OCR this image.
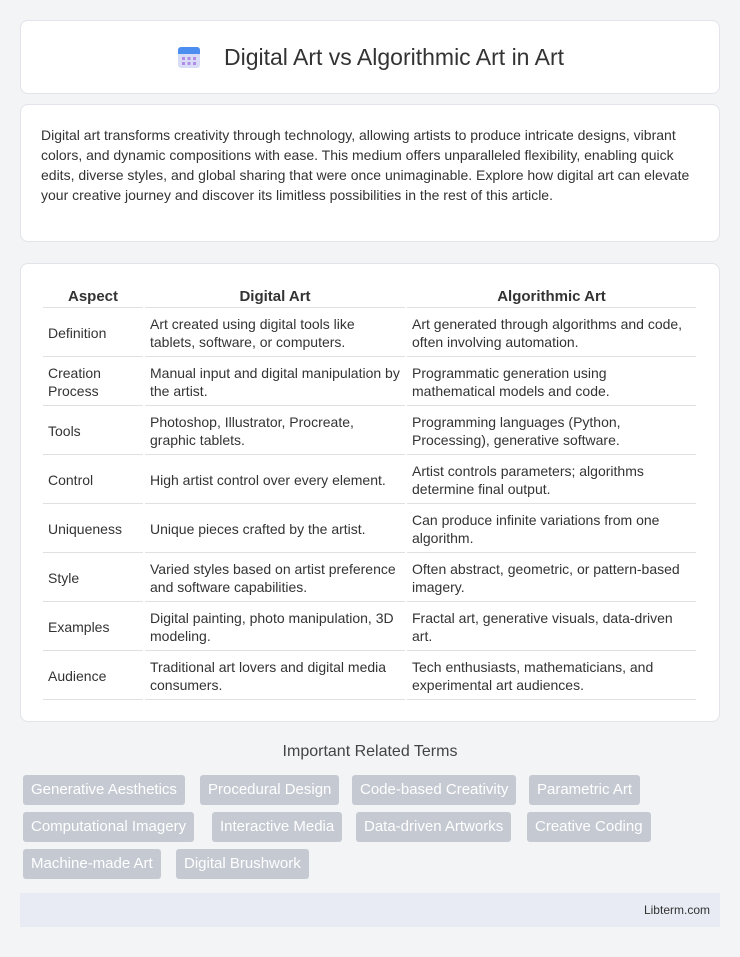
Digital Art vs Algorithmic Art in Art

Digital art transforms creativity through technology, allowing artists to produce intricate designs, vibrant colors, and dynamic compositions with ease. This medium offers unparalleled flexibility, enabling quick edits, diverse styles, and global sharing that were once unimaginable. Explore how digital art can elevate your creative journey and discover its limitless possibilities in the rest of this article.

Aspect	Digital Art	Algorithmic Art
Definition	Art created using digital tools like tablets, software, or computers.	Art generated through algorithms and code, often involving automation.
Creation Process	Manual input and digital manipulation by the artist.	Programmatic generation using mathematical models and code.
Tools	Photoshop, Illustrator, Procreate, graphic tablets.	Programming languages (Python, Processing), generative software.
Control	High artist control over every element.	Artist controls parameters; algorithms determine final output.
Uniqueness	Unique pieces crafted by the artist.	Can produce infinite variations from one algorithm.
Style	Varied styles based on artist preference and software capabilities.	Often abstract, geometric, or pattern-based imagery.
Examples	Digital painting, photo manipulation, 3D modeling.	Fractal art, generative visuals, data-driven art.
Audience	Traditional art lovers and digital media consumers.	Tech enthusiasts, mathematicians, and experimental art audiences.
Important Related Terms
Generative Aesthetics	Procedural Design	Code-based Creativity	Parametric Art
Computational Imagery	Interactive Media	Data-driven Artworks	Creative Coding
Machine-made Art	Digital Brushwork
Libterm.com
